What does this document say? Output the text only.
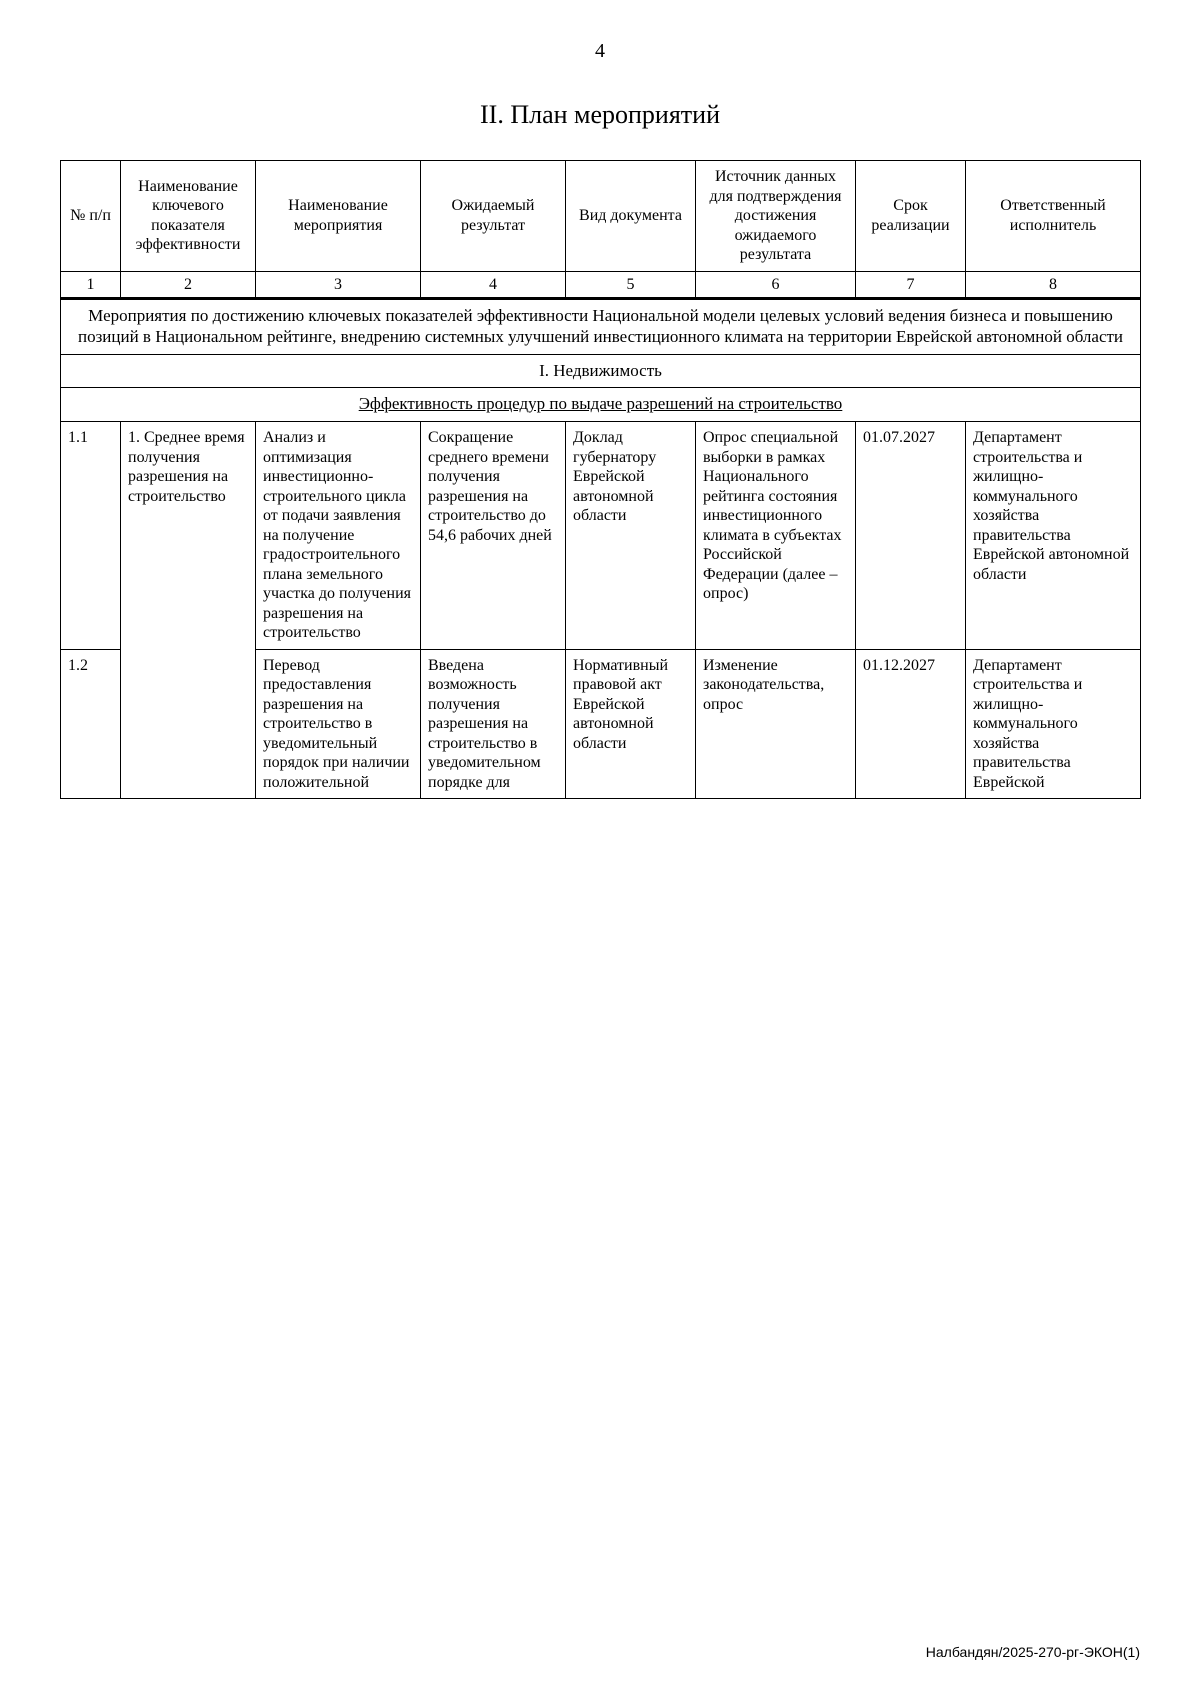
4
II. План мероприятий
№ п/п	Наименование ключевого показателя эффективности	Наименование мероприятия	Ожидаемый результат	Вид документа	Источник данных для подтверждения достижения ожидаемого результата	Срок реализации	Ответственный исполнитель
1	2	3	4	5	6	7	8
Мероприятия по достижению ключевых показателей эффективности Национальной модели целевых условий ведения бизнеса и повышению позиций в Национальном рейтинге, внедрению системных улучшений инвестиционного климата на территории Еврейской автономной области							
I. Недвижимость							
Эффективность процедур по выдаче разрешений на строительство							
1.1	1. Среднее время получения разрешения на строительство	Анализ и оптимизация инвестиционно-строительного цикла от подачи заявления на получение градостроительного плана земельного участка до получения разрешения на строительство	Сокращение среднего времени получения разрешения на строительство до 54,6 рабочих дней	Доклад губернатору Еврейской автономной области	Опрос специальной выборки в рамках Национального рейтинга состояния инвестиционного климата в субъектах Российской Федерации (далее – опрос)	01.07.2027	Департамент строительства и жилищно-коммунального хозяйства правительства Еврейской автономной области
1.2		Перевод предоставления разрешения на строительство в уведомительный порядок при наличии положительной	Введена возможность получения разрешения на строительство в уведомительном порядке для	Нормативный правовой акт Еврейской автономной области	Изменение законодательства, опрос	01.12.2027	Департамент строительства и жилищно-коммунального хозяйства правительства Еврейской
Налбандян/2025-270-рг-ЭКОН(1)
